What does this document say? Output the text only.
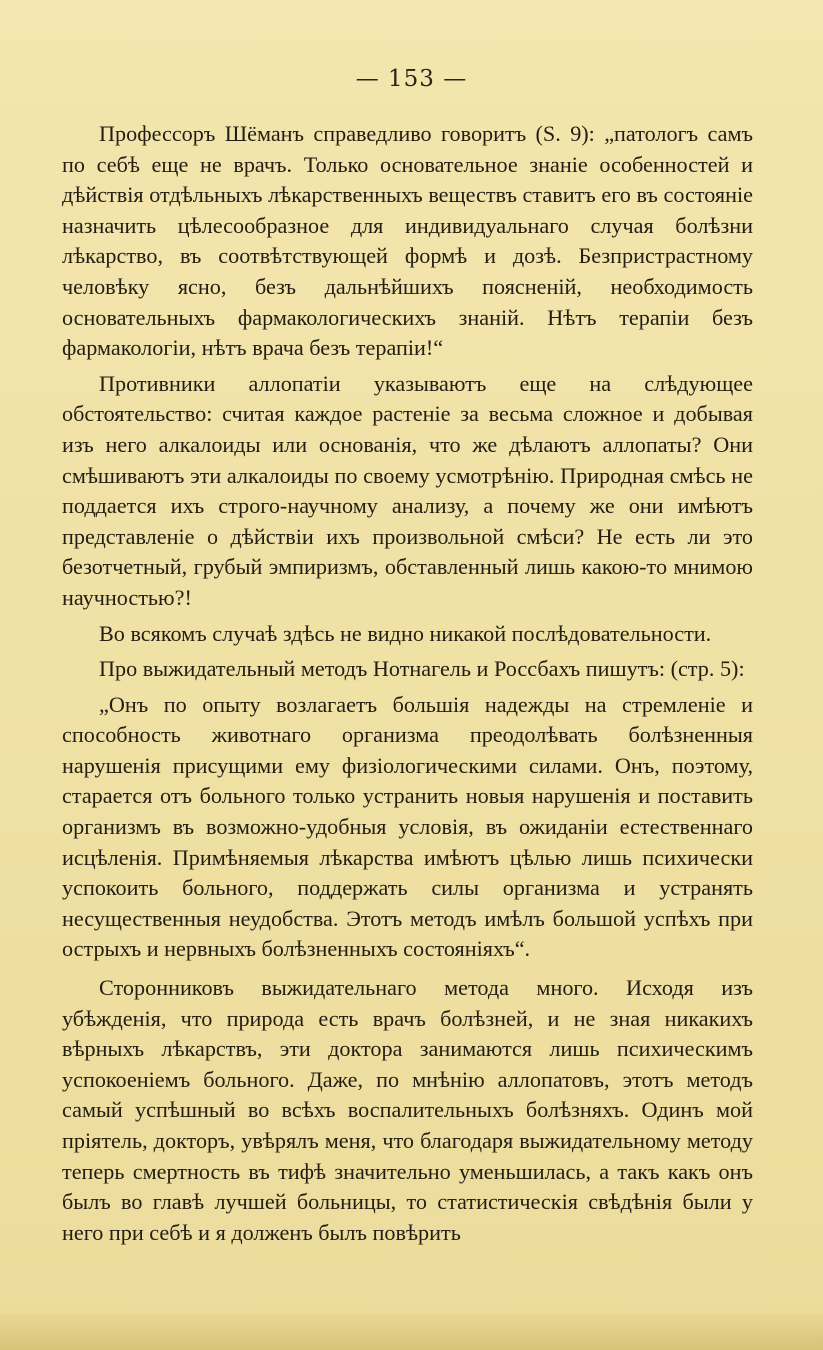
— 153 —

Профессоръ Шёманъ справедливо говоритъ (S. 9): „патологъ самъ по себѣ еще не врачъ. Только основательное знаніе особенностей и дѣйствія отдѣльныхъ лѣкарственныхъ веществъ ставитъ его въ состояніе назначить цѣлесообразное для индивидуальнаго случая болѣзни лѣкарство, въ соотвѣтствующей формѣ и дозѣ. Безпристрастному человѣку ясно, безъ дальнѣйшихъ поясненій, необходимость основательныхъ фармакологическихъ знаній. Нѣтъ терапіи безъ фармакологіи, нѣтъ врача безъ терапіи!“

Противники аллопатіи указываютъ еще на слѣдующее обстоятельство: считая каждое растеніе за весьма сложное и добывая изъ него алкалоиды или основанія, что же дѣлаютъ аллопаты? Они смѣшиваютъ эти алкалоиды по своему усмотрѣнію. Природная смѣсь не поддается ихъ строго-научному анализу, а почему же они имѣютъ представленіе о дѣйствіи ихъ произвольной смѣси? Не есть ли это безотчетный, грубый эмпиризмъ, обставленный лишь какою-то мнимою научностью?!

Во всякомъ случаѣ здѣсь не видно никакой послѣдовательности.

Про выжидательный методъ Нотнагель и Россбахъ пишутъ: (стр. 5):

„Онъ по опыту возлагаетъ большія надежды на стремленіе и способность животнаго организма преодолѣвать болѣзненныя нарушенія присущими ему физіологическими силами. Онъ, поэтому, старается отъ больного только устранить новыя нарушенія и поставить организмъ въ возможно-удобныя условія, въ ожиданіи естественнаго исцѣленія. Примѣняемыя лѣкарства имѣютъ цѣлью лишь психически успокоить больного, поддержать силы организма и устранять несущественныя неудобства. Этотъ методъ имѣлъ большой успѣхъ при острыхъ и нервныхъ болѣзненныхъ состояніяхъ“.

Сторонниковъ выжидательнаго метода много. Исходя изъ убѣжденія, что природа есть врачъ болѣзней, и не зная никакихъ вѣрныхъ лѣкарствъ, эти доктора занимаются лишь психическимъ успокоеніемъ больного. Даже, по мнѣнію аллопатовъ, этотъ методъ самый успѣшный во всѣхъ воспалительныхъ болѣзняхъ. Одинъ мой пріятель, докторъ, увѣрялъ меня, что благодаря выжидательному методу теперь смертность въ тифѣ значительно уменьшилась, а такъ какъ онъ былъ во главѣ лучшей больницы, то статистическія свѣдѣнія были у него при себѣ и я долженъ былъ повѣрить
